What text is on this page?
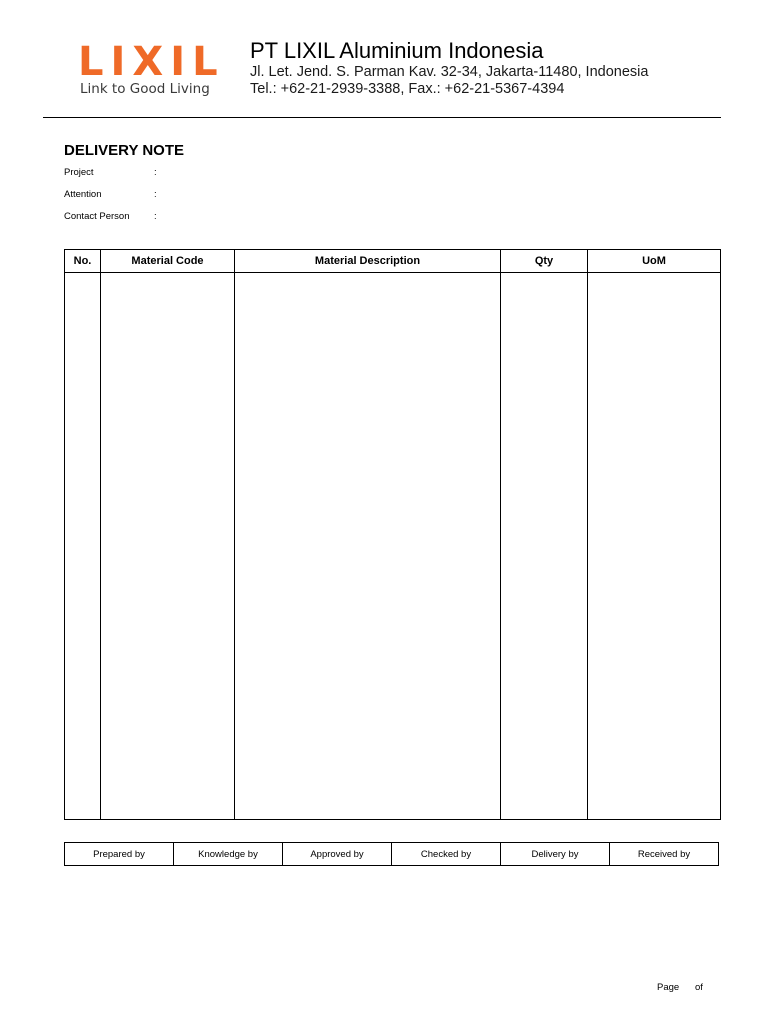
LIXIL
Link to Good Living
PT LIXIL Aluminium Indonesia
Jl. Let. Jend. S. Parman Kav. 32-34, Jakarta-11480, Indonesia
Tel.: +62-21-2939-3388, Fax.: +62-21-5367-4394
DELIVERY NOTE
Project	:
Attention	:
Contact Person	:
No.	Material Code	Material Description	Qty	UoM

Prepared by	Knowledge by	Approved by	Checked by	Delivery by	Received by
Page of
